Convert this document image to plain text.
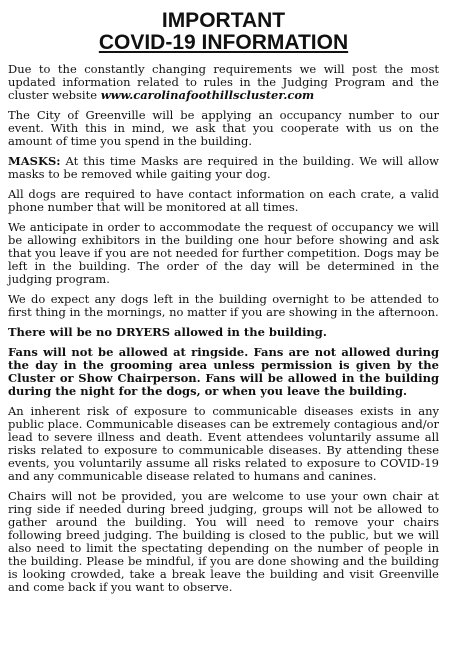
IMPORTANT
COVID-19 INFORMATION

Due to the constantly changing requirements we will post the most updated information related to rules in the Judging Program and the cluster website www.carolinafoothillscluster.com

The City of Greenville will be applying an occupancy number to our event. With this in mind, we ask that you cooperate with us on the amount of time you spend in the building.

MASKS: At this time Masks are required in the building. We will allow masks to be removed while gaiting your dog.

All dogs are required to have contact information on each crate, a valid phone number that will be monitored at all times.

We anticipate in order to accommodate the request of occupancy we will be allowing exhibitors in the building one hour before showing and ask that you leave if you are not needed for further competition. Dogs may be left in the building. The order of the day will be determined in the judging program.

We do expect any dogs left in the building overnight to be attended to first thing in the mornings, no matter if you are showing in the afternoon.

There will be no DRYERS allowed in the building.

Fans will not be allowed at ringside. Fans are not allowed during the day in the grooming area unless permission is given by the Cluster or Show Chairperson. Fans will be allowed in the building during the night for the dogs, or when you leave the building.

An inherent risk of exposure to communicable diseases exists in any public place. Communicable diseases can be extremely contagious and/or lead to severe illness and death. Event attendees voluntarily assume all risks related to exposure to communicable diseases. By attending these events, you voluntarily assume all risks related to exposure to COVID-19 and any communicable disease related to humans and canines.

Chairs will not be provided, you are welcome to use your own chair at ring side if needed during breed judging, groups will not be allowed to gather around the building. You will need to remove your chairs following breed judging. The building is closed to the public, but we will also need to limit the spectating depending on the number of people in the building. Please be mindful, if you are done showing and the building is looking crowded, take a break leave the building and visit Greenville and come back if you want to observe.
